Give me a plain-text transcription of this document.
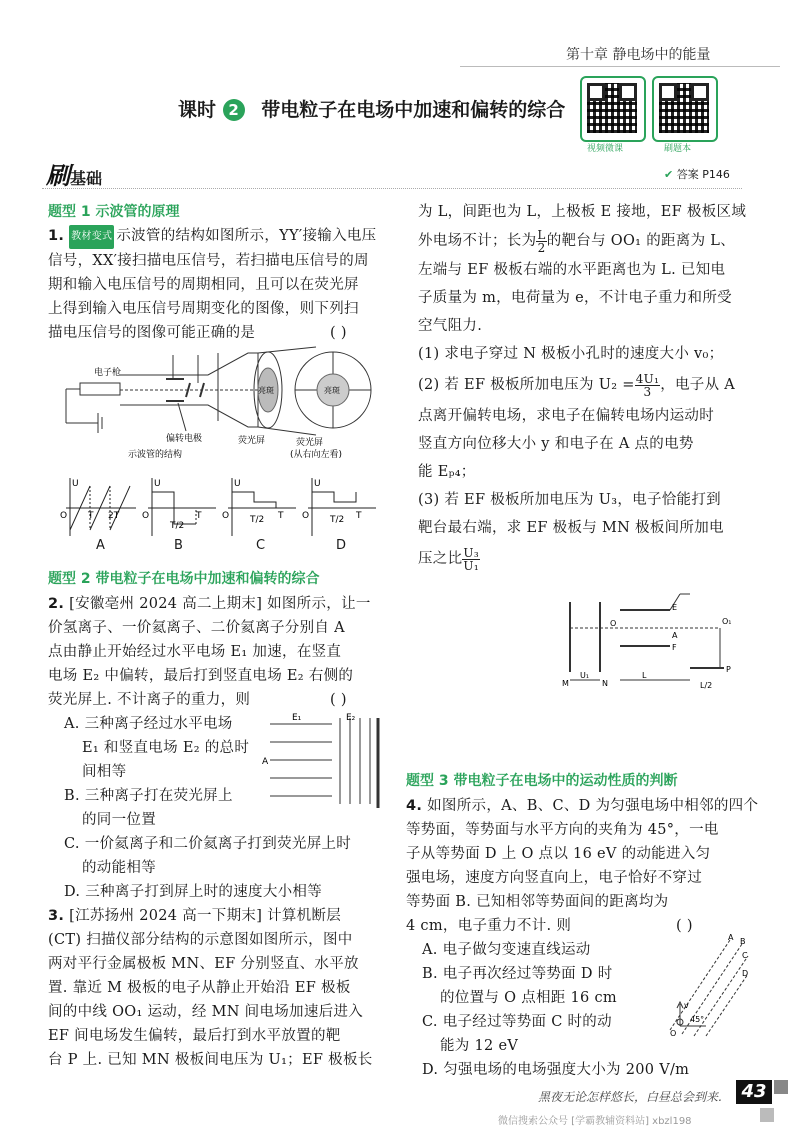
第十章 静电场中的能量
课时 2 带电粒子在电场中加速和偏转的综合
视频微课	刷题本
刷基础	✔ 答案 P146
题型 1 示波管的原理

1. 教材变式 示波管的结构如图所示，YY′接输入电压

信号，XX′接扫描电压信号，若扫描电压信号的周

期和输入电压信号的周期相同，且可以在荧光屏

上得到输入电压信号周期变化的图像，则下列扫

描电压信号的图像可能正确的是	( )

电子枪
偏转电极
示波管的结构
荧光屏	荧光屏
(从右向左看)
亮斑	亮斑
U	U	U	U
O	O	O	O
T 2T
T/2
T	T/2 T	T/2 T
A	B	C	D
题型 2 带电粒子在电场中加速和偏转的综合

2. [安徽亳州 2024 高二上期末] 如图所示，让一

价氢离子、一价氦离子、二价氦离子分别自 A

点由静止开始经过水平电场 E₁ 加速，在竖直

电场 E₂ 中偏转，最后打到竖直电场 E₂ 右侧的

荧光屏上. 不计离子的重力，则	( )

A. 三种离子经过水平电场

E₁ 和竖直电场 E₂ 的总时

间相等

B. 三种离子打在荧光屏上

的同一位置

C. 一价氦离子和二价氦离子打到荧光屏上时

的动能相等

D. 三种离子打到屏上时的速度大小相等

E₁	E₂
A

3. [江苏扬州 2024 高一下期末] 计算机断层

(CT) 扫描仪部分结构的示意图如图所示，图中

两对平行金属极板 MN、EF 分别竖直、水平放

置. 靠近 M 极板的电子从静止开始沿 EF 极板

间的中线 OO₁ 运动，经 MN 间电场加速后进入

EF 间电场发生偏转，最后打到水平放置的靶

台 P 上. 已知 MN 极板间电压为 U₁；EF 极板长

为 L，间距也为 L，上极板 E 接地，EF 极板区域

外电场不计；长为 $\frac{L}{2}$ 的靶台与 OO₁ 的距离为 L、

左端与 EF 极板右端的水平距离也为 L. 已知电

子质量为 m，电荷量为 e，不计电子重力和所受

空气阻力.

(1) 求电子穿过 N 极板小孔时的速度大小 v₀；

(2) 若 EF 极板所加电压为 $U_2 = \frac{\text{4U₁}}{3}$ ，电子从 A

点离开偏转电场，求电子在偏转电场内运动时

竖直方向位移大小 y 和电子在 A 点的电势

能 Eₚ₄；

(3) 若 EF 极板所加电压为 U₃，电子恰能打到

靶台最右端，求 EF 极板与 MN 极板间所加电

压之比 $\frac{\text{U₃}}{\text{U₁}}$

M	N
E
F
O	O₁
A
P
U₁	L
L/2
题型 3 带电粒子在电场中的运动性质的判断

4. 如图所示，A、B、C、D 为匀强电场中相邻的四个

等势面，等势面与水平方向的夹角为 45°，一电

子从等势面 D 上 O 点以 16 eV 的动能进入匀

强电场，速度方向竖直向上，电子恰好不穿过

等势面 B. 已知相邻等势面间的距离均为

4 cm，电子重力不计. 则	( )

A. 电子做匀变速直线运动

B. 电子再次经过等势面 D 时

的位置与 O 点相距 16 cm

C. 电子经过等势面 C 时的动

能为 12 eV

D. 匀强电场的电场强度大小为 200 V/m

A B
C
D
O
v
45°
黑夜无论怎样悠长，白昼总会到来.	43
微信搜索公众号 [学霸教辅资料站] xbzl198
